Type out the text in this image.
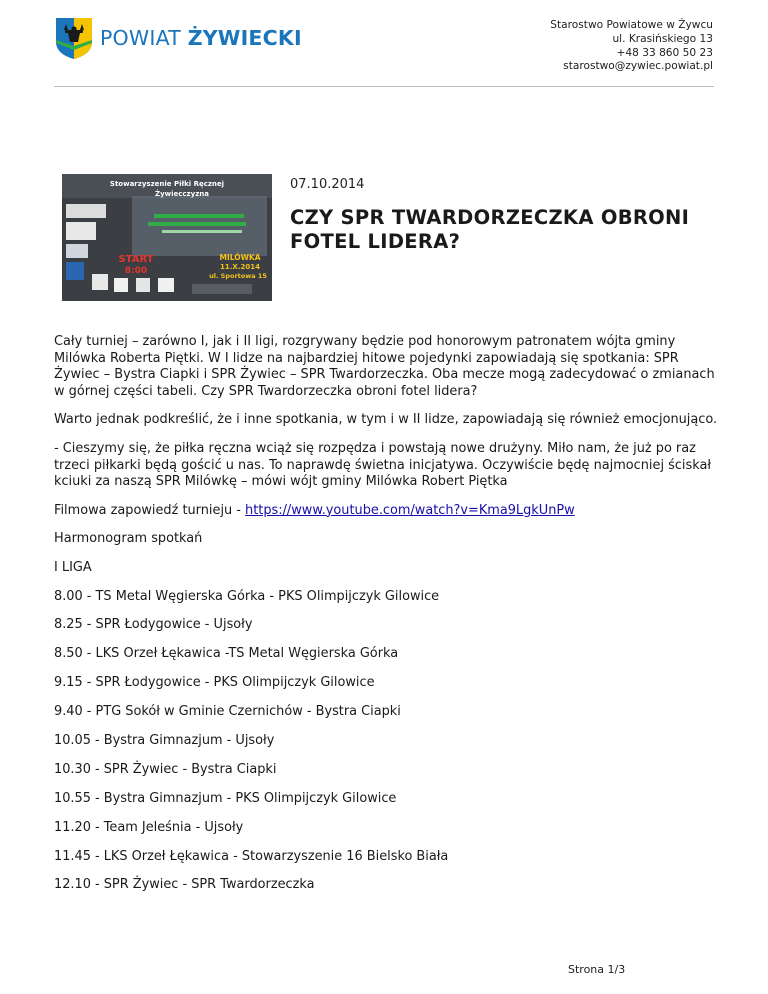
POWIAT ŻYWIECKI
Starostwo Powiatowe w Żywcu
ul. Krasińskiego 13
+48 33 860 50 23
starostwo@zywiec.powiat.pl
Stowarzyszenie Piłki Ręcznej
Żywiecczyzna
START
8:00
MILÓWKA
11.X.2014
ul. Sportowa 15
07.10.2014
CZY SPR TWARDORZECZKA OBRONI FOTEL LIDERA?

Cały turniej – zarówno I, jak i II ligi, rozgrywany będzie pod honorowym patronatem wójta gminy Milówka Roberta Piętki. W I lidze na najbardziej hitowe pojedynki zapowiadają się spotkania: SPR Żywiec – Bystra Ciapki i SPR Żywiec – SPR Twardorzeczka. Oba mecze mogą zadecydować o zmianach w górnej części tabeli. Czy SPR Twardorzeczka obroni fotel lidera?

Warto jednak podkreślić, że i inne spotkania, w tym i w II lidze, zapowiadają się również emocjonująco.

- Cieszymy się, że piłka ręczna wciąż się rozpędza i powstają nowe drużyny. Miło nam, że już po raz trzeci piłkarki będą gościć u nas. To naprawdę świetna inicjatywa. Oczywiście będę najmocniej ściskał kciuki za naszą SPR Milówkę – mówi wójt gminy Milówka Robert Piętka

Filmowa zapowiedź turnieju - https://www.youtube.com/watch?v=Kma9LgkUnPw

Harmonogram spotkań

I LIGA

8.00 - TS Metal Węgierska Górka - PKS Olimpijczyk Gilowice

8.25 - SPR Łodygowice - Ujsoły

8.50 - LKS Orzeł Łękawica -TS Metal Węgierska Górka

9.15 - SPR Łodygowice - PKS Olimpijczyk Gilowice

9.40 - PTG Sokół w Gminie Czernichów - Bystra Ciapki

10.05 - Bystra Gimnazjum - Ujsoły

10.30 - SPR Żywiec - Bystra Ciapki

10.55 - Bystra Gimnazjum - PKS Olimpijczyk Gilowice

11.20 - Team Jeleśnia - Ujsoły

11.45 - LKS Orzeł Łękawica - Stowarzyszenie 16 Bielsko Biała

12.10 - SPR Żywiec - SPR Twardorzeczka

Strona 1/3
